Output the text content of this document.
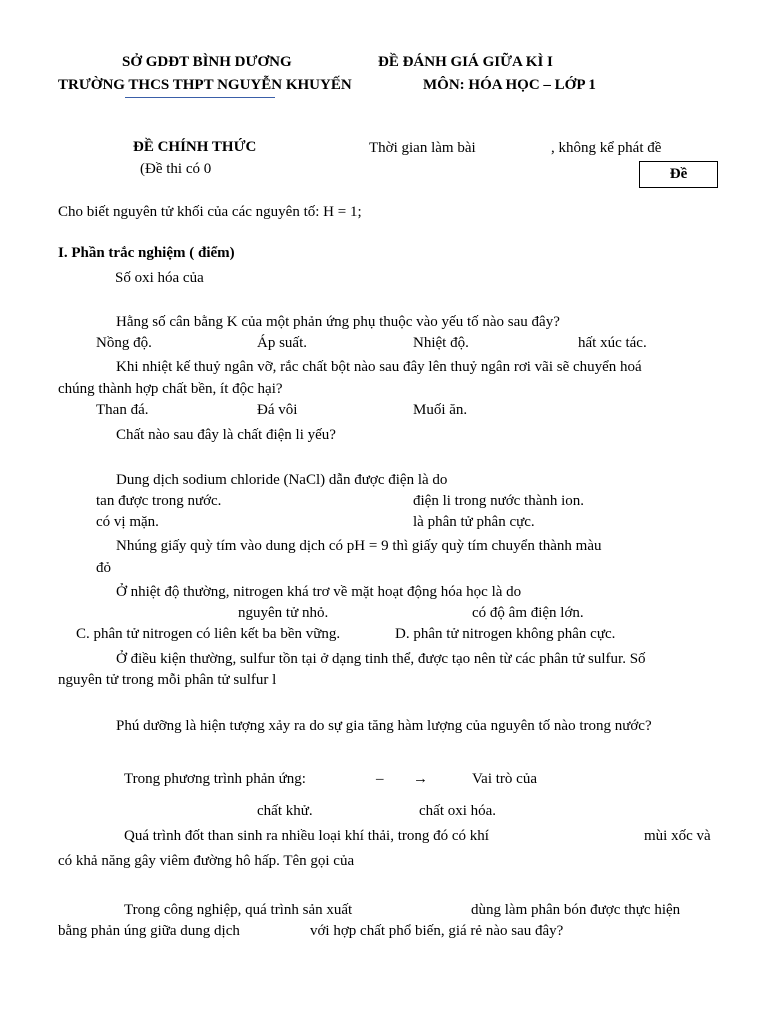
SỞ GDĐT BÌNH DƯƠNG	ĐỀ ĐÁNH GIÁ GIỮA KÌ I
TRƯỜNG THCS THPT NGUYỄN KHUYẾN	MÔN: HÓA HỌC – LỚP 1
ĐỀ CHÍNH THỨC	Thời gian làm bài	, không kể phát đề
(Đề thi có 0	Đề
Cho biết nguyên tử khối của các nguyên tố: H = 1;
I. Phần trắc nghiệm ( điểm)
Số oxi hóa của
Hằng số cân bằng K của một phản ứng phụ thuộc vào yếu tố nào sau đây?
Nồng độ.	Áp suất.	Nhiệt độ.	hất xúc tác.
Khi nhiệt kế thuỷ ngân vỡ, rắc chất bột nào sau đây lên thuỷ ngân rơi vãi sẽ chuyển hoá
chúng thành hợp chất bền, ít độc hại?
Than đá.	Đá vôi	Muối ăn.
Chất nào sau đây là chất điện li yếu?
Dung dịch sodium chloride (NaCl) dẫn được điện là do
tan được trong nước.	điện li trong nước thành ion.
có vị mặn.	là phân tử phân cực.
Nhúng giấy quỳ tím vào dung dịch có pH = 9 thì giấy quỳ tím chuyển thành màu
đỏ
Ở nhiệt độ thường, nitrogen khá trơ về mặt hoạt động hóa học là do
nguyên tử nhỏ.	có độ âm điện lớn.
C. phân tử nitrogen có liên kết ba bền vững.	D. phân tử nitrogen không phân cực.
Ở điều kiện thường, sulfur tồn tại ở dạng tinh thể, được tạo nên từ các phân tử sulfur. Số
nguyên tử trong mỗi phân tử sulfur l
Phú dưỡng là hiện tượng xảy ra do sự gia tăng hàm lượng của nguyên tố nào trong nước?
Trong phương trình phản ứng:	– →	Vai trò của
chất khử.	chất oxi hóa.
Quá trình đốt than sinh ra nhiều loại khí thải, trong đó có khí	mùi xốc và
có khả năng gây viêm đường hô hấp. Tên gọi của
Trong công nghiệp, quá trình sản xuất	dùng làm phân bón được thực hiện
bằng phản úng giữa dung dịch	với hợp chất phổ biến, giá rẻ nào sau đây?
